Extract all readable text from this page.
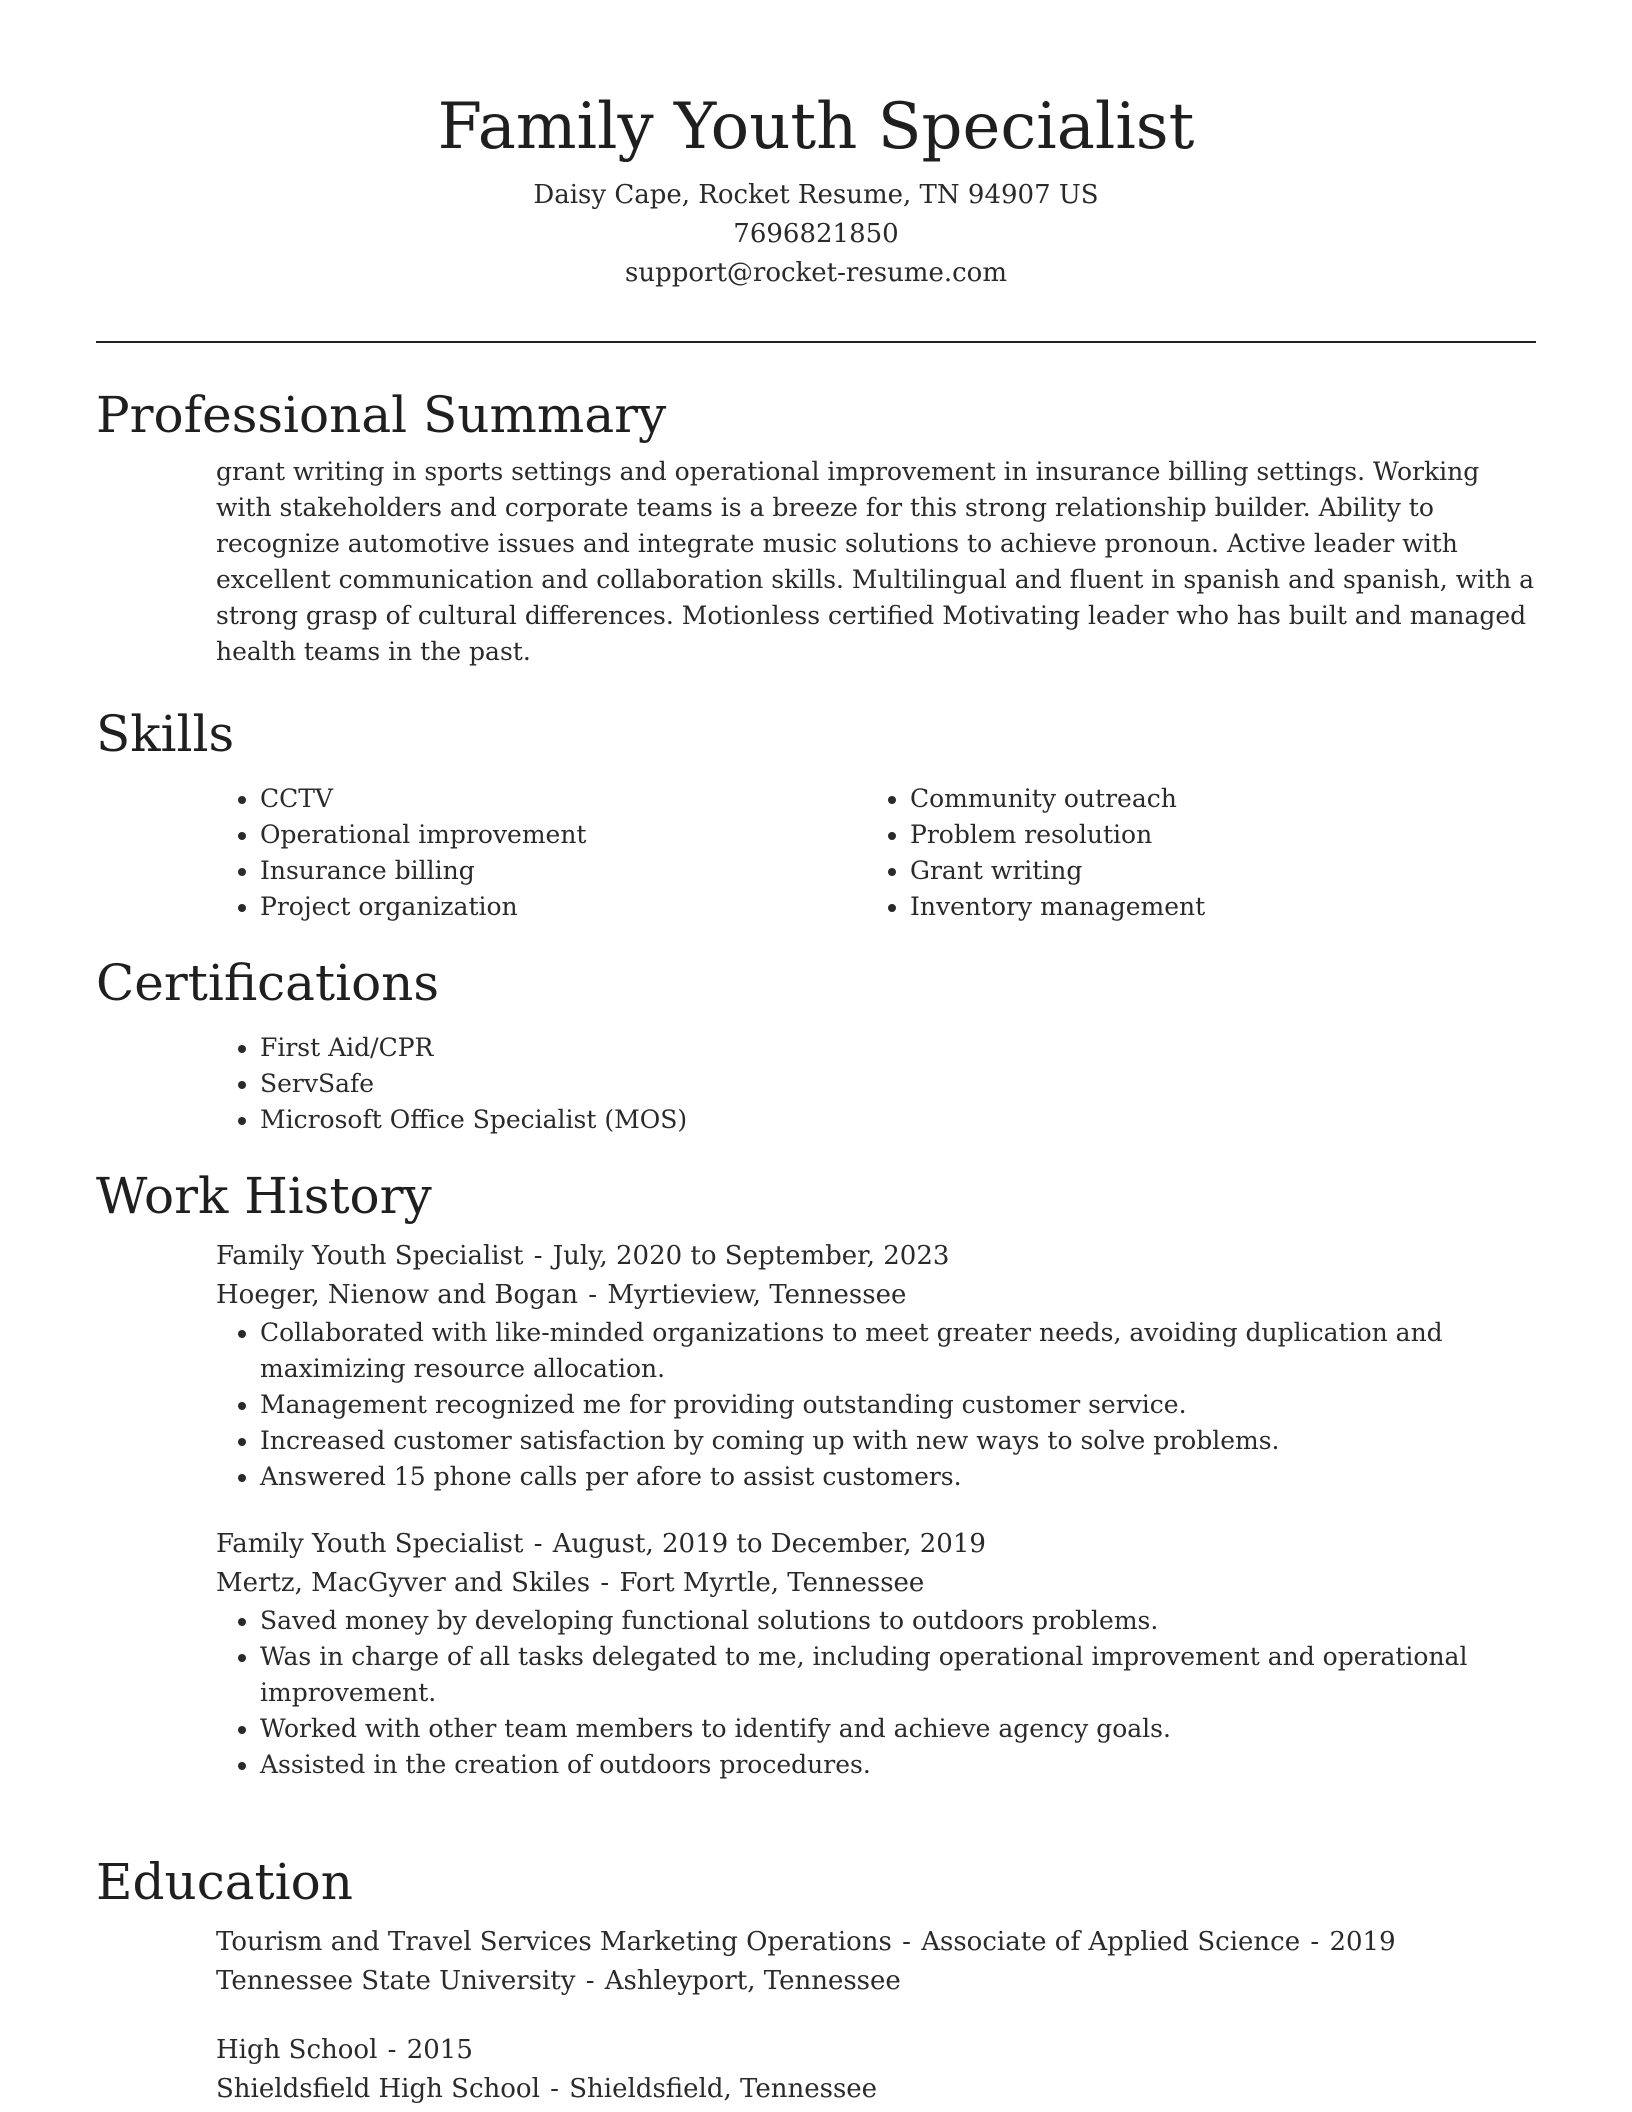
Family Youth Specialist
Daisy Cape, Rocket Resume, TN 94907 US
7696821850
support@rocket-resume.com
Professional Summary
grant writing in sports settings and operational improvement in insurance billing settings. Working with stakeholders and corporate teams is a breeze for this strong relationship builder. Ability to recognize automotive issues and integrate music solutions to achieve pronoun. Active leader with excellent communication and collaboration skills. Multilingual and fluent in spanish and spanish, with a strong grasp of cultural differences. Motionless certified Motivating leader who has built and managed health teams in the past.
Skills
• CCTV
• Operational improvement
• Insurance billing
• Project organization
• Community outreach
• Problem resolution
• Grant writing
• Inventory management
Certifications
• First Aid/CPR
• ServSafe
• Microsoft Office Specialist (MOS)
Work History
Family Youth Specialist - July, 2020 to September, 2023
Hoeger, Nienow and Bogan - Myrtieview, Tennessee
• Collaborated with like-minded organizations to meet greater needs, avoiding duplication and maximizing resource allocation.
• Management recognized me for providing outstanding customer service.
• Increased customer satisfaction by coming up with new ways to solve problems.
• Answered 15 phone calls per afore to assist customers.
Family Youth Specialist - August, 2019 to December, 2019
Mertz, MacGyver and Skiles - Fort Myrtle, Tennessee
• Saved money by developing functional solutions to outdoors problems.
• Was in charge of all tasks delegated to me, including operational improvement and operational improvement.
• Worked with other team members to identify and achieve agency goals.
• Assisted in the creation of outdoors procedures.
Education
Tourism and Travel Services Marketing Operations - Associate of Applied Science - 2019
Tennessee State University - Ashleyport, Tennessee
High School - 2015
Shieldsfield High School - Shieldsfield, Tennessee
